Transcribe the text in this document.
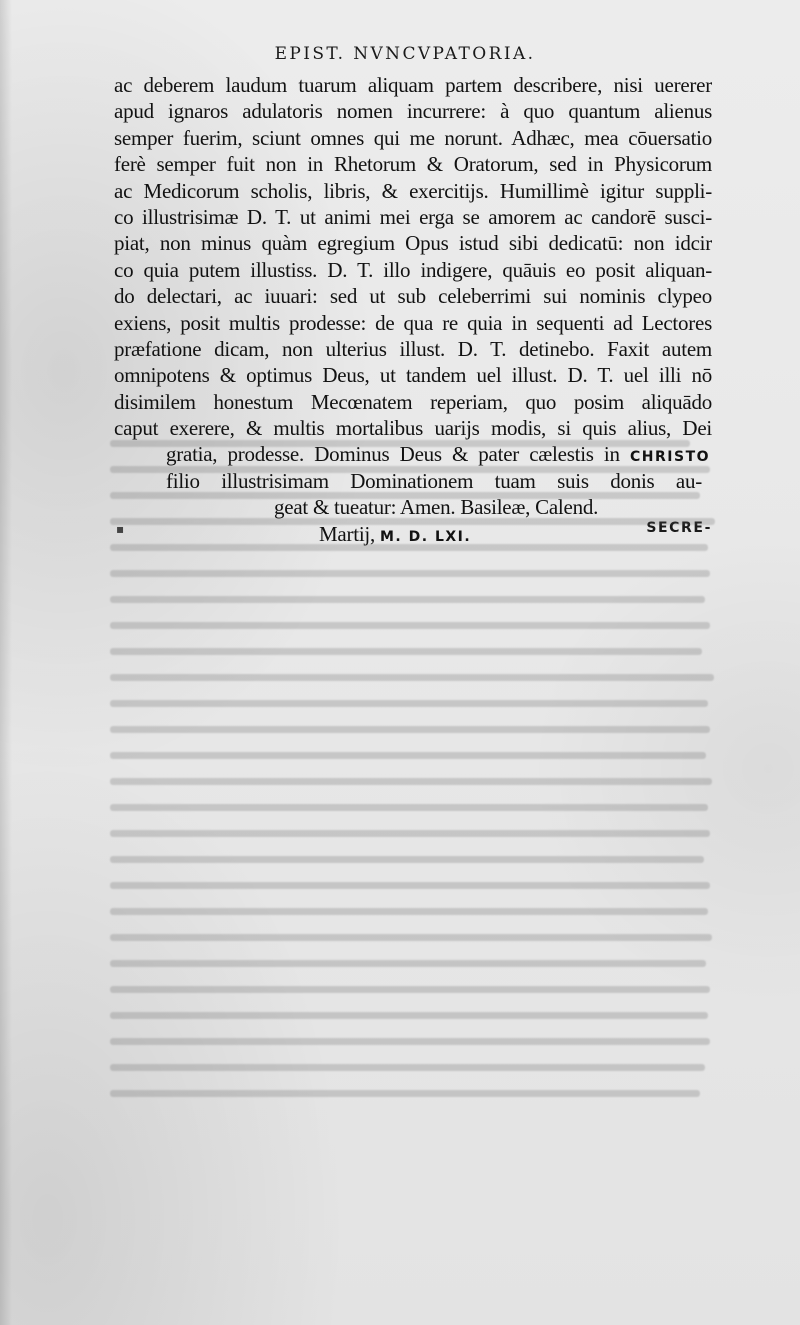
EPIST. NVNCVPATORIA.
ac deberem laudum tuarum aliquam partem describere, nisi uererer
apud ignaros adulatoris nomen incurrere: à quo quantum alienus
semper fuerim, sciunt omnes qui me norunt. Adhæc, mea cōuersatio
ferè semper fuit non in Rhetorum & Oratorum, sed in Physicorum
ac Medicorum scholis, libris, & exercitijs. Humillimè igitur suppli-
co illustrisimæ D. T. ut animi mei erga se amorem ac candorē susci-
piat, non minus quàm egregium Opus istud sibi dedicatū: non idcir
co quia putem illustiss. D. T. illo indigere, quāuis eo posit aliquan-
do delectari, ac iuuari: sed ut sub celeberrimi sui nominis clypeo
exiens, posit multis prodesse: de qua re quia in sequenti ad Lectores
præfatione dicam, non ulterius illust. D. T. detinebo. Faxit autem
omnipotens & optimus Deus, ut tandem uel illust. D. T. uel illi nō
disimilem honestum Mecœnatem reperiam, quo posim aliquādo
caput exerere, & multis mortalibus uarijs modis, si quis alius, Dei
gratia, prodesse. Dominus Deus & pater cælestis in CHRISTO
filio illustrisimam Dominationem tuam suis donis au-
geat & tueatur: Amen. Basileæ, Calend.
Martij, M. D. LXI.
▪	SECRE-
